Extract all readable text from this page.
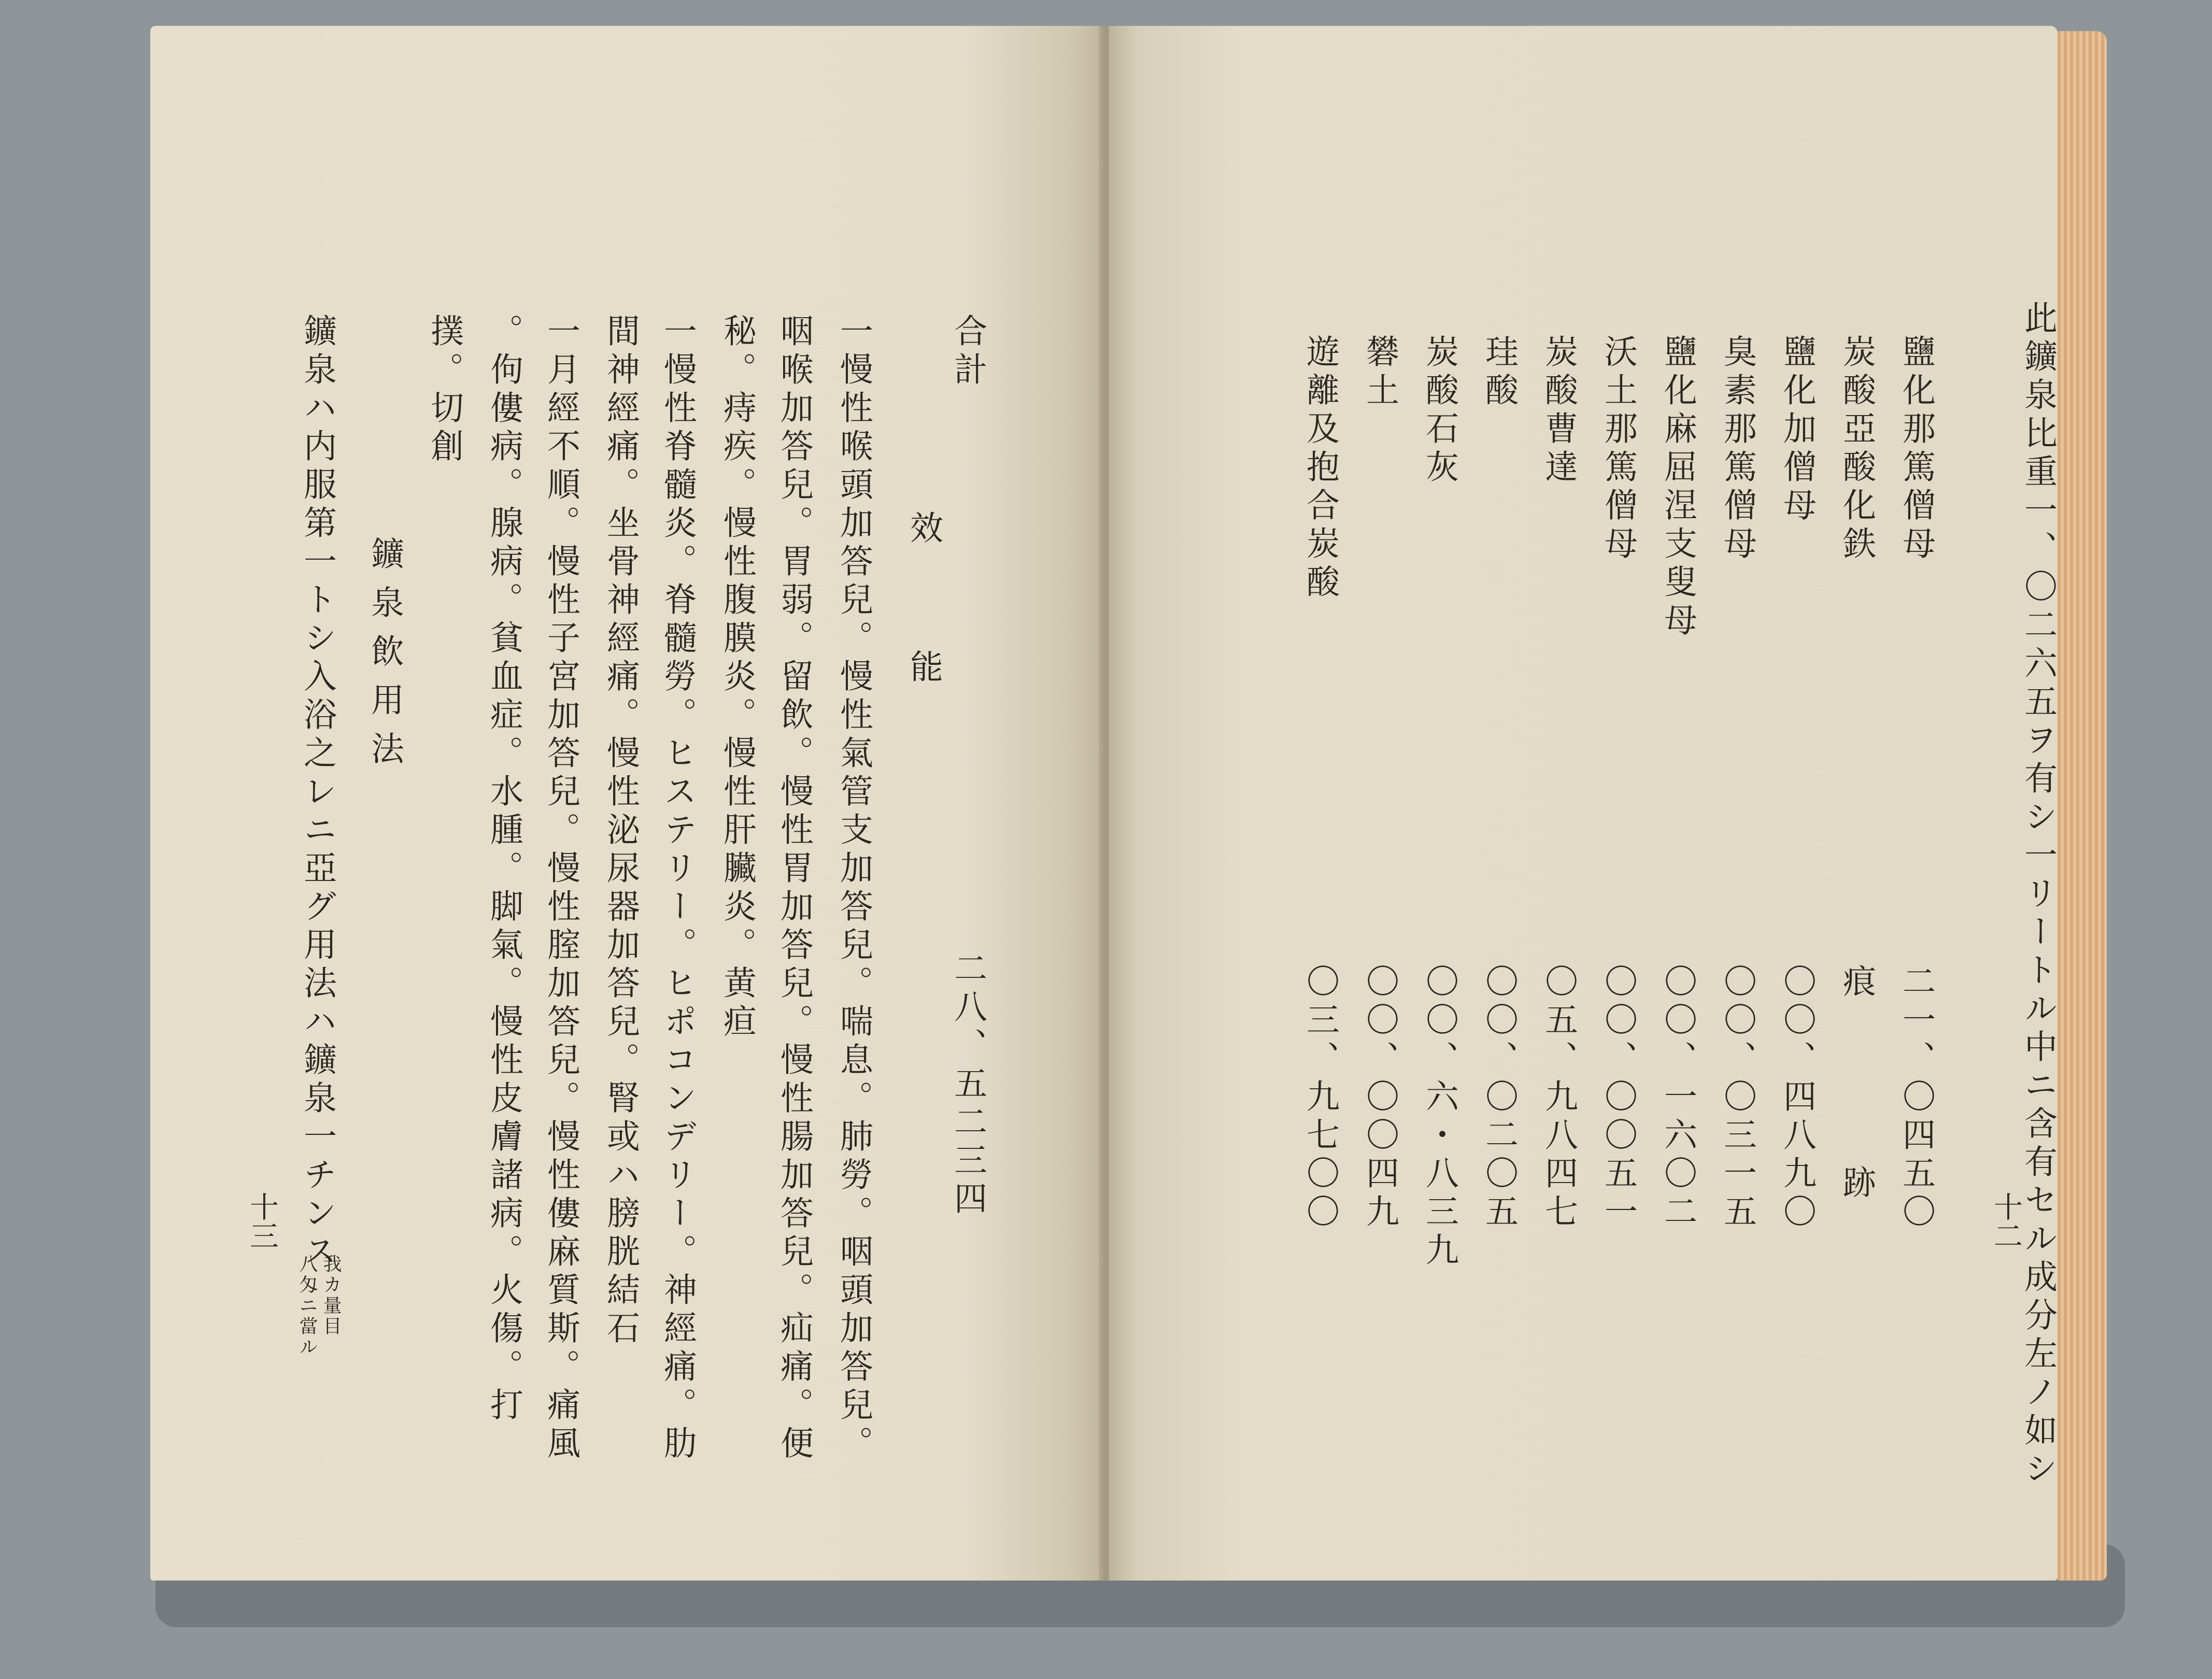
合計
二八、五二三四
效　能
一慢性喉頭加答兒。慢性氣管支加答兒。喘息。肺勞。咽頭加答兒。
咽喉加答兒。胃弱。留飲。慢性胃加答兒。慢性腸加答兒。疝痛。便
秘。痔疾。慢性腹膜炎。慢性肝臟炎。黄疸
一慢性脊髓炎。脊髓勞。ヒステリー。ヒポコンデリー。神經痛。肋
間神經痛。坐骨神經痛。慢性泌尿器加答兒。腎或ハ膀胱結石
一月經不順。慢性子宮加答兒。慢性腟加答兒。慢性僂麻質斯。痛風
。佝僂病。腺病。貧血症。水腫。脚氣。慢性皮膚諸病。火傷。打
撲。切創
鑛泉飲用法
鑛泉ハ内服第一トシ入浴之レニ亞グ用法ハ鑛泉一チンス
我カ量目
八匁ニ當ル
十三	此鑛泉比重一、〇二六五ヲ有シ一リートル中ニ含有セル成分左ノ如シ
鹽化那篤僧母
二一、〇四五〇
炭酸亞酸化鉄
痕　跡
鹽化加僧母
〇〇、四八九〇
臭素那篤僧母
〇〇、〇三一五
鹽化麻屈涅支叟母
〇〇、一六〇二
沃土那篤僧母
〇〇、〇〇五一
炭酸曹達
〇五、九八四七
珪酸
〇〇、〇二〇五
炭酸石灰
〇〇、六・八三九
礬土
〇〇、〇〇四九
遊離及抱合炭酸
〇三、九七〇〇	十二
